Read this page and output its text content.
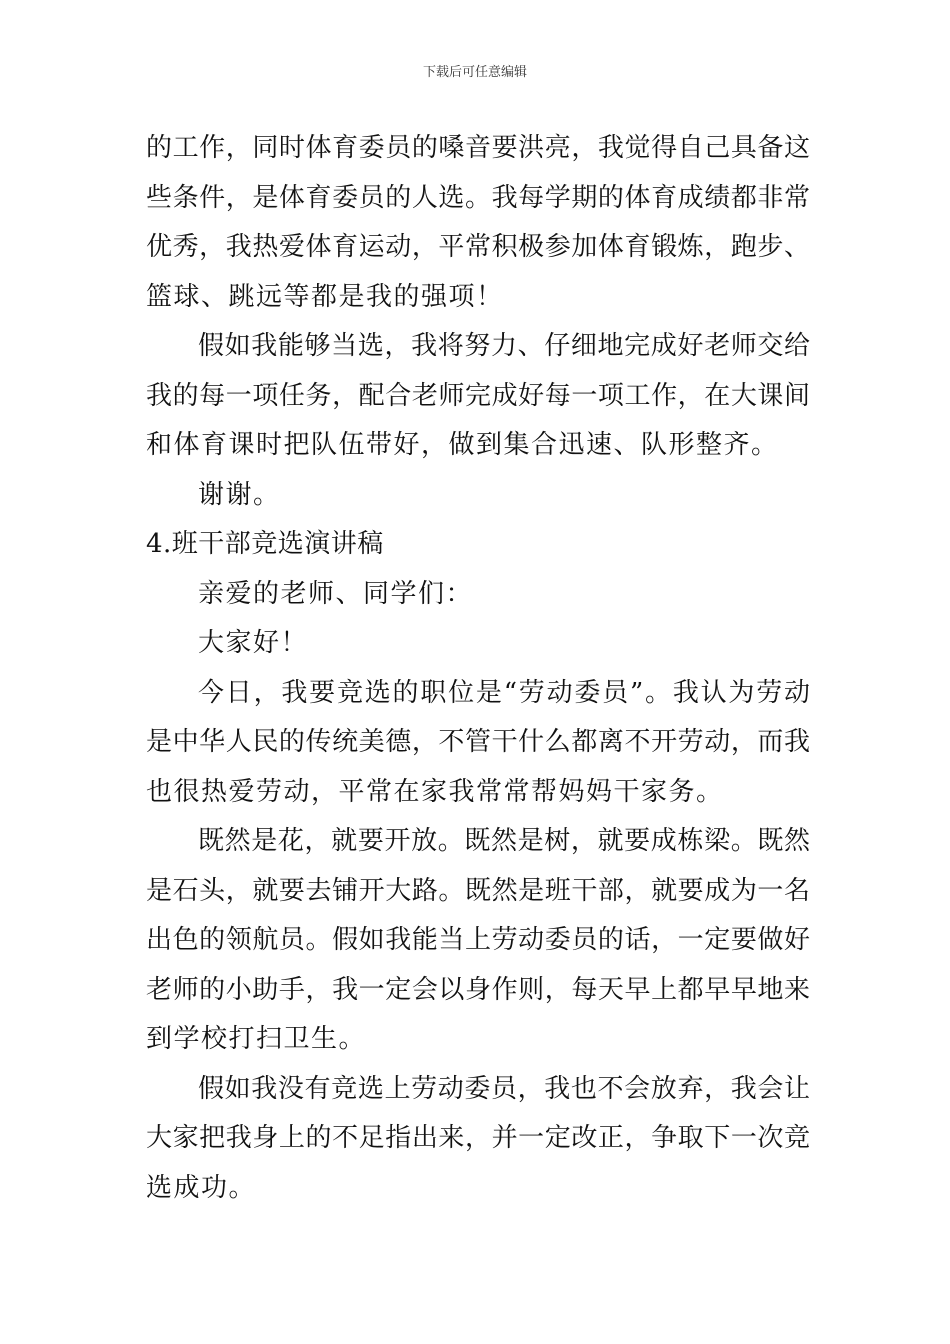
下载后可任意编辑
的工作，同时体育委员的嗓音要洪亮，我觉得自己具备这
些条件，是体育委员的人选。我每学期的体育成绩都非常
优秀，我热爱体育运动，平常积极参加体育锻炼，跑步、
篮球、跳远等都是我的强项！
假如我能够当选，我将努力、仔细地完成好老师交给
我的每一项任务，配合老师完成好每一项工作，在大课间
和体育课时把队伍带好，做到集合迅速、队形整齐。
谢谢。
4.班干部竞选演讲稿
亲爱的老师、同学们：
大家好！
今日，我要竞选的职位是“劳动委员”。我认为劳动
是中华人民的传统美德，不管干什么都离不开劳动，而我
也很热爱劳动，平常在家我常常帮妈妈干家务。
既然是花，就要开放。既然是树，就要成栋梁。既然
是石头，就要去铺开大路。既然是班干部，就要成为一名
出色的领航员。假如我能当上劳动委员的话，一定要做好
老师的小助手，我一定会以身作则，每天早上都早早地来
到学校打扫卫生。
假如我没有竞选上劳动委员，我也不会放弃，我会让
大家把我身上的不足指出来，并一定改正，争取下一次竞
选成功。
